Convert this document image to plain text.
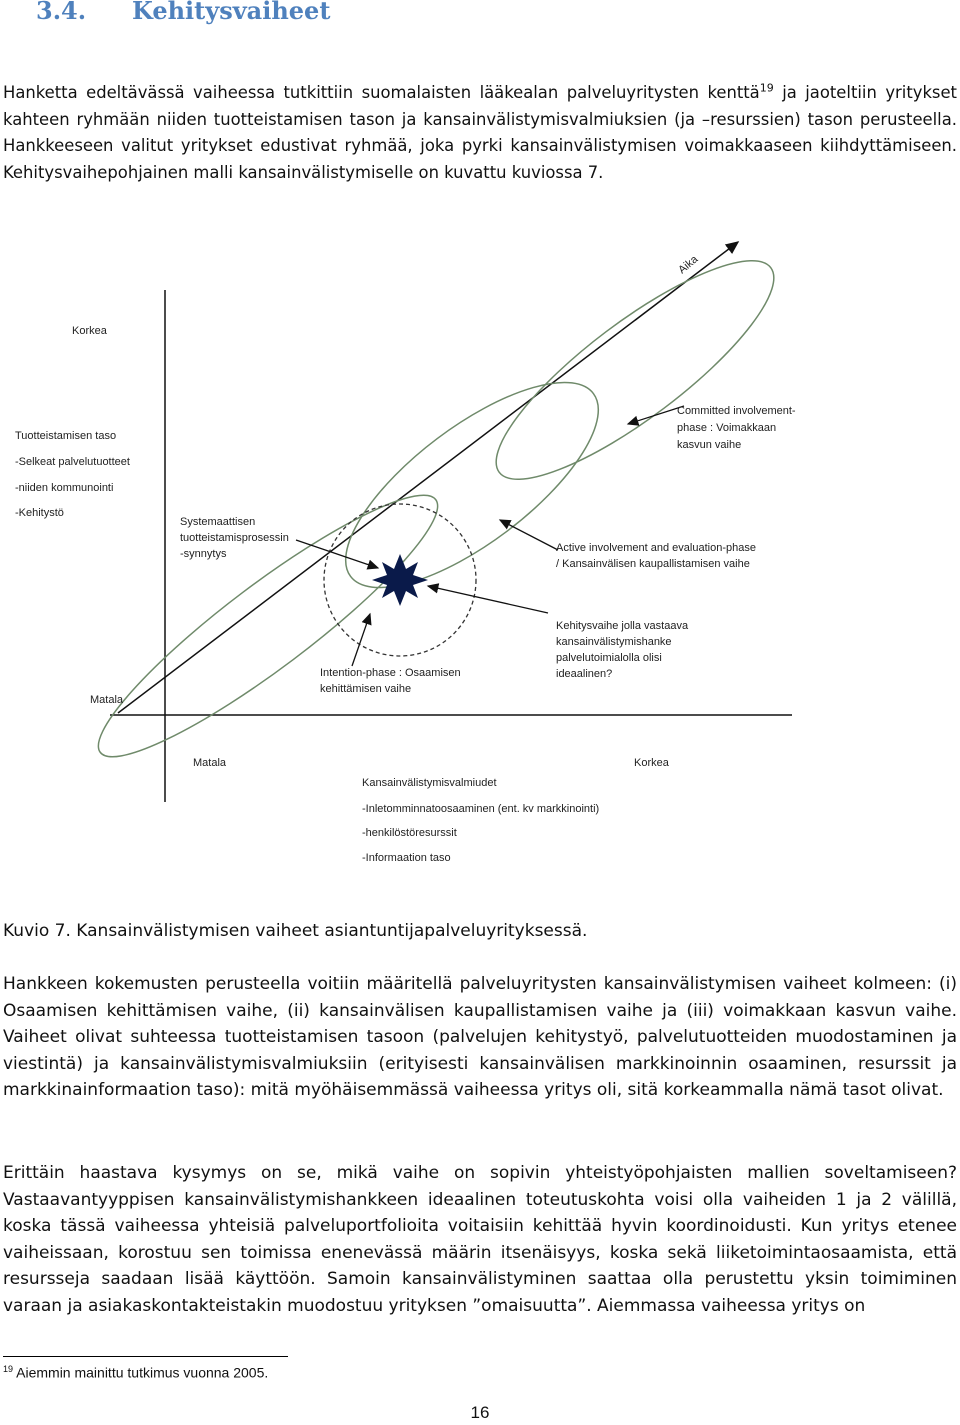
3.4. Kehitysvaiheet

Hanketta edeltävässä vaiheessa tutkittiin suomalaisten lääkealan palveluyritysten kenttä$^{19}$ ja jaoteltiin yritykset kahteen ryhmään niiden tuotteistamisen tason ja kansainvälistymisvalmiuksien (ja –resurssien) tason perusteella. Hankkeeseen valitut yritykset edustivat ryhmää, joka pyrki kansainvälistymisen voimakkaaseen kiihdyttämiseen. Kehitysvaihepohjainen malli kansainvälistymiselle on kuvattu kuviossa 7.

Korkea
Matala
Matala	Korkea
Aika
Tuotteistamisen taso
-Selkeat palvelutuotteet
-niiden kommunointi
-Kehitystö
Kansainvälistymisvalmiudet
-Inletomminnatoosaaminen (ent. kv markkinointi)
-henkilöstöresurssit
-Informaation taso
Systemaattisen
tuotteistamisprosessin
-synnytys
Committed involvement-
phase : Voimakkaan
kasvun vaihe
Active involvement and evaluation-phase
/ Kansainvälisen kaupallistamisen vaihe
Kehitysvaihe jolla vastaava
kansainvälistymishanke
palvelutoimialolla olisi
ideaalinen?
Intention-phase : Osaamisen
kehittämisen vaihe

Kuvio 7. Kansainvälistymisen vaiheet asiantuntijapalveluyrityksessä.

Hankkeen kokemusten perusteella voitiin määritellä palveluyritysten kansainvälistymisen vaiheet kolmeen: (i) Osaamisen kehittämisen vaihe, (ii) kansainvälisen kaupallistamisen vaihe ja (iii) voimakkaan kasvun vaihe. Vaiheet olivat suhteessa tuotteistamisen tasoon (palvelujen kehitystyö, palvelutuotteiden muodostaminen ja viestintä) ja kansainvälistymisvalmiuksiin (erityisesti kansainvälisen markkinoinnin osaaminen, resurssit ja markkinainformaation taso): mitä myöhäisemmässä vaiheessa yritys oli, sitä korkeammalla nämä tasot olivat.

Erittäin haastava kysymys on se, mikä vaihe on sopivin yhteistyöpohjaisten mallien soveltamiseen? Vastaavantyyppisen kansainvälistymishankkeen ideaalinen toteutuskohta voisi olla vaiheiden 1 ja 2 välillä, koska tässä vaiheessa yhteisiä palveluportfolioita voitaisiin kehittää hyvin koordinoidusti. Kun yritys etenee vaiheissaan, korostuu sen toimissa enenevässä määrin itsenäisyys, koska sekä liiketoimintaosaamista, että resursseja saadaan lisää käyttöön. Samoin kansainvälistyminen saattaa olla perustettu yksin toimiminen varaan ja asiakaskontakteistakin muodostuu yrityksen ”omaisuutta”. Aiemmassa vaiheessa yritys on

$^{19}$ Aiemmin mainittu tutkimus vuonna 2005.

16
